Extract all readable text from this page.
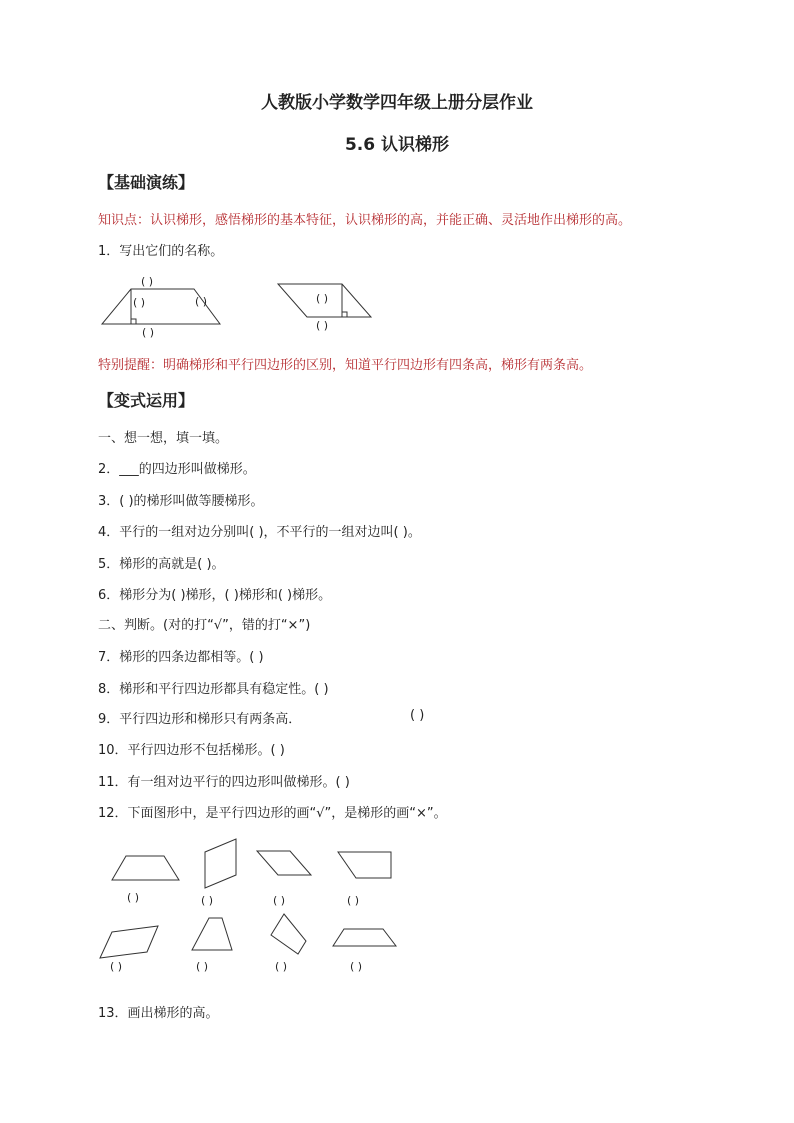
人教版小学数学四年级上册分层作业
5.6 认识梯形
【基础演练】
知识点：认识梯形，感悟梯形的基本特征，认识梯形的高，并能正确、灵活地作出梯形的高。
1．写出它们的名称。
( )
( )	( )
( )
( )
( )
( )	( )	( )	( )
( )	( )	( )	( )
特别提醒：明确梯形和平行四边形的区别，知道平行四边形有四条高，梯形有两条高。
【变式运用】
一、想一想，填一填。
2．___的四边形叫做梯形。
3．( )的梯形叫做等腰梯形。
4．平行的一组对边分别叫( )，不平行的一组对边叫( )。
5．梯形的高就是( )。
6．梯形分为( )梯形，( )梯形和( )梯形。
二、判断。(对的打“√”，错的打“×”)
7．梯形的四条边都相等。( )
8．梯形和平行四边形都具有稳定性。( )
9．平行四边形和梯形只有两条高．	( )
10．平行四边形不包括梯形。( )
11．有一组对边平行的四边形叫做梯形。( )
12．下面图形中，是平行四边形的画“√”，是梯形的画“×”。
13．画出梯形的高。
